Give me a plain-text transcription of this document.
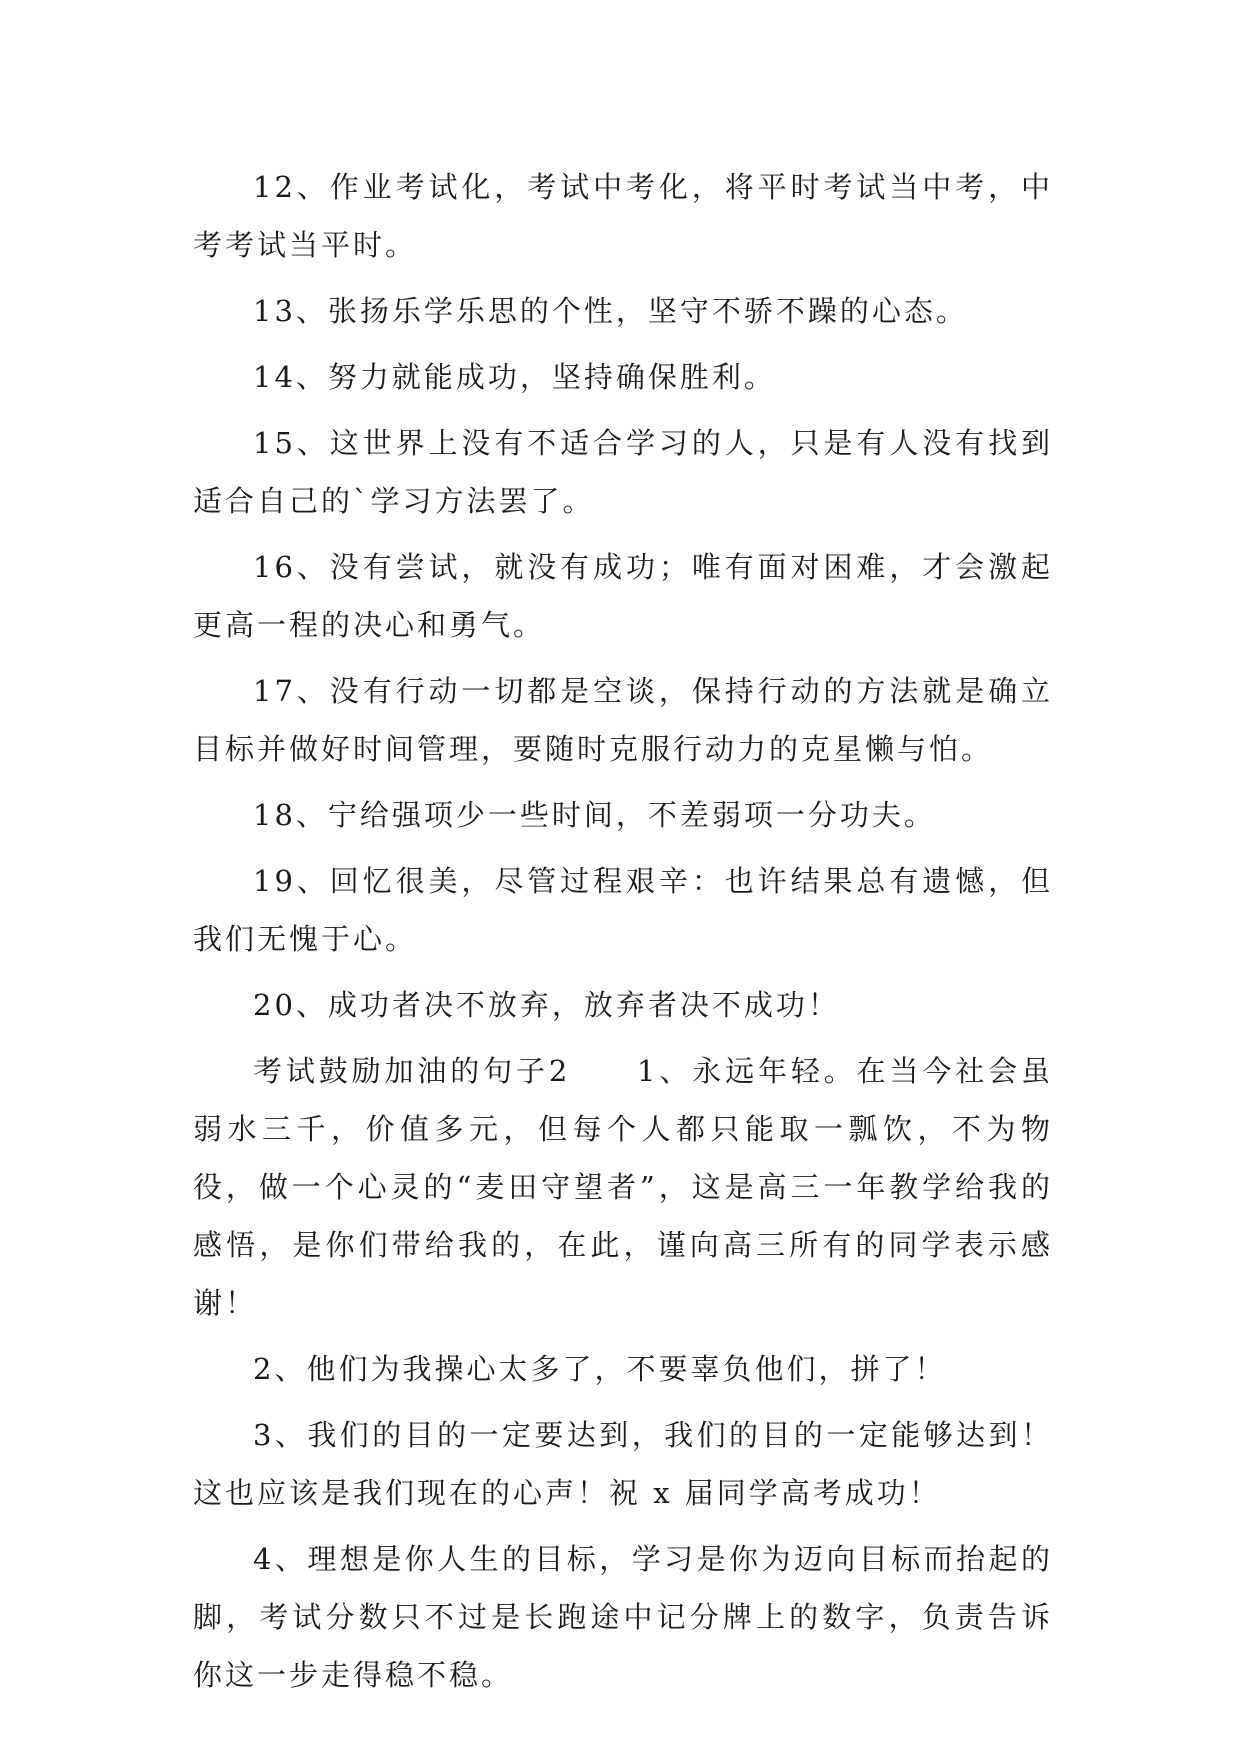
12、作业考试化，考试中考化，将平时考试当中考，中考考试当平时。

13、张扬乐学乐思的个性，坚守不骄不躁的心态。

14、努力就能成功，坚持确保胜利。

15、这世界上没有不适合学习的人，只是有人没有找到适合自己的`学习方法罢了。

16、没有尝试，就没有成功；唯有面对困难，才会激起更高一程的决心和勇气。

17、没有行动一切都是空谈，保持行动的方法就是确立目标并做好时间管理，要随时克服行动力的克星懒与怕。

18、宁给强项少一些时间，不差弱项一分功夫。

19、回忆很美，尽管过程艰辛：也许结果总有遗憾，但我们无愧于心。

20、成功者决不放弃，放弃者决不成功！

考试鼓励加油的句子2　　1、永远年轻。在当今社会虽弱水三千，价值多元，但每个人都只能取一瓢饮，不为物役，做一个心灵的“麦田守望者”，这是高三一年教学给我的感悟，是你们带给我的，在此，谨向高三所有的同学表示感谢！

2、他们为我操心太多了，不要辜负他们，拼了！

3、我们的目的一定要达到，我们的目的一定能够达到！这也应该是我们现在的心声！祝 x 届同学高考成功！

4、理想是你人生的目标，学习是你为迈向目标而抬起的脚，考试分数只不过是长跑途中记分牌上的数字，负责告诉你这一步走得稳不稳。
